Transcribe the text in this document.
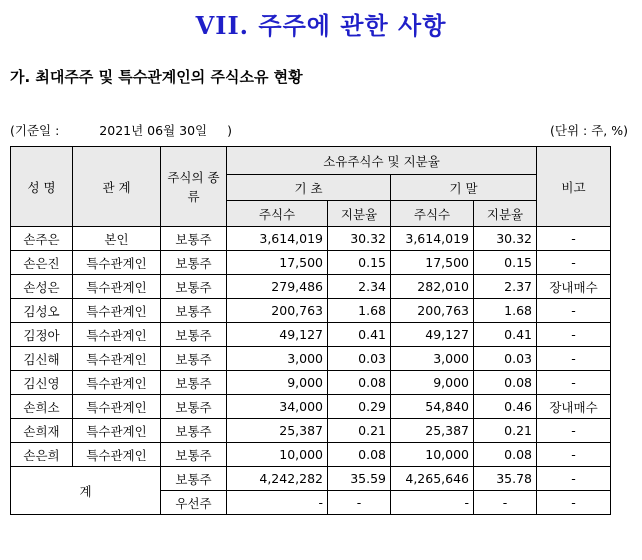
VII. 주주에 관한 사항
가. 최대주주 및 특수관계인의 주식소유 현황
(기준일 :	2021년 06월 30일 )	(단위 : 주, %)
성 명	관 계	주식의 종류	소유주식수 및 지분율				비고
			기 초		기 말		
			주식수	지분율	주식수	지분율	
손주은	본인	보통주	3,614,019	30.32	3,614,019	30.32	-
손은진	특수관계인	보통주	17,500	0.15	17,500	0.15	-
손성은	특수관계인	보통주	279,486	2.34	282,010	2.37	장내매수
김성오	특수관계인	보통주	200,763	1.68	200,763	1.68	-
김정아	특수관계인	보통주	49,127	0.41	49,127	0.41	-
김신해	특수관계인	보통주	3,000	0.03	3,000	0.03	-
김신영	특수관계인	보통주	9,000	0.08	9,000	0.08	-
손희소	특수관계인	보통주	34,000	0.29	54,840	0.46	장내매수
손희재	특수관계인	보통주	25,387	0.21	25,387	0.21	-
손은희	특수관계인	보통주	10,000	0.08	10,000	0.08	-
계		보통주	4,242,282	35.59	4,265,646	35.78	-
		우선주	-	-	-	-	-
